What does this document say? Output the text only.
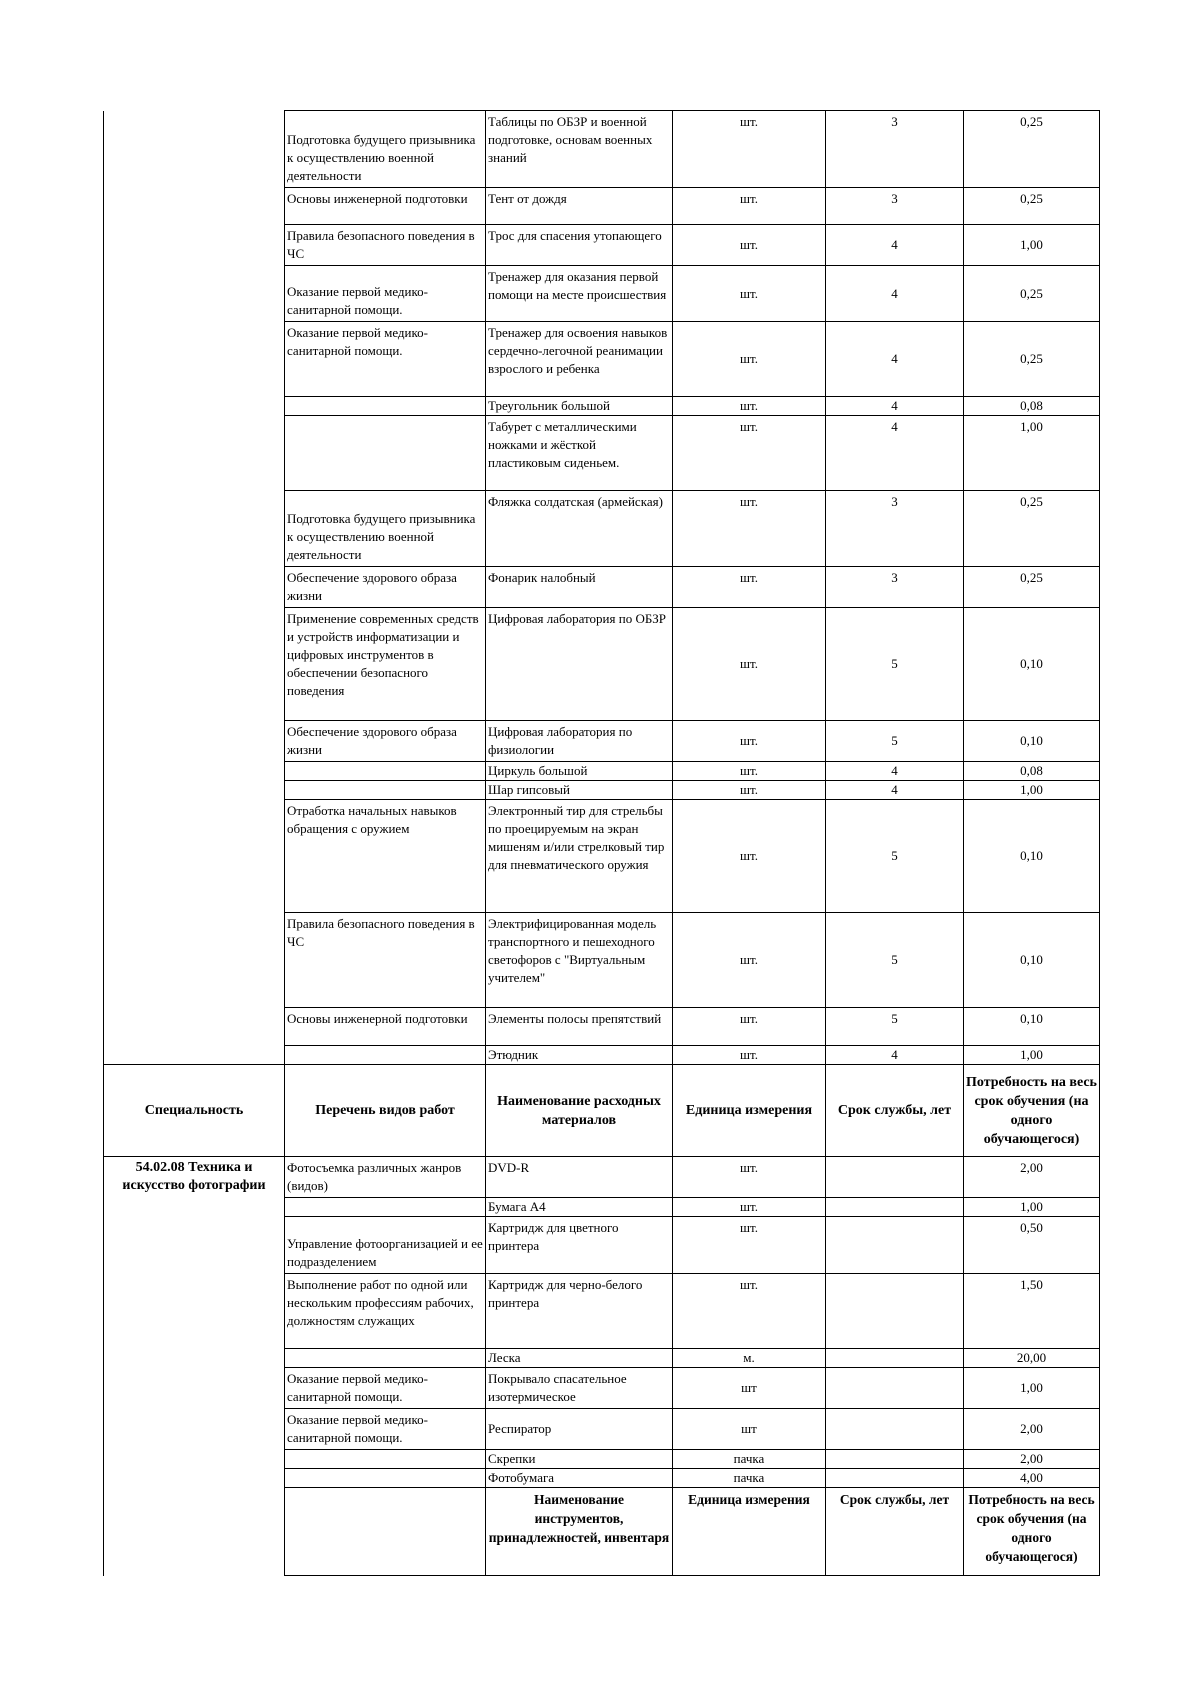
	Подготовка будущего призывника к осуществлению военной деятельности	Таблицы по ОБЗР и военной подготовке, основам военных знаний	шт.	3	0,25
	Основы инженерной подготовки	Тент от дождя	шт.	3	0,25
	Правила безопасного поведения в ЧС	Трос для спасения утопающего	шт.	4	1,00
	Оказание первой медико-санитарной помощи.	Тренажер для оказания первой помощи на месте происшествия	шт.	4	0,25
	Оказание первой медико-санитарной помощи.	Тренажер для освоения навыков сердечно-легочной реанимации взрослого и ребенка	шт.	4	0,25
		Треугольник большой	шт.	4	0,08
		Табурет с металлическими ножками и жёсткой пластиковым сиденьем.	шт.	4	1,00
	Подготовка будущего призывника к осуществлению военной деятельности	Фляжка солдатская (армейская)	шт.	3	0,25
	Обеспечение здорового образа жизни	Фонарик налобный	шт.	3	0,25
	Применение современных средств и устройств информатизации и цифровых инструментов в обеспечении безопасного поведения	Цифровая лаборатория по ОБЗР	шт.	5	0,10
	Обеспечение здорового образа жизни	Цифровая лаборатория по физиологии	шт.	5	0,10
		Циркуль большой	шт.	4	0,08
		Шар гипсовый	шт.	4	1,00
	Отработка начальных навыков обращения с оружием	Электронный тир для стрельбы по проецируемым на экран мишеням и/или стрелковый тир для пневматического оружия	шт.	5	0,10
	Правила безопасного поведения в ЧС	Электрифицированная модель транспортного и пешеходного светофоров с "Виртуальным учителем"	шт.	5	0,10
	Основы инженерной подготовки	Элементы полосы препятствий	шт.	5	0,10
		Этюдник	шт.	4	1,00
Специальность	Перечень видов работ	Наименование расходных материалов	Единица измерения	Срок службы, лет	Потребность на весь срок обучения (на одного обучающегося)
54.02.08 Техника и искусство фотографии	Фотосъемка различных жанров (видов)	DVD-R	шт.		2,00
		Бумага А4	шт.		1,00
	Управление фотоорганизацией и ее подразделением	Картридж для цветного принтера	шт.		0,50
	Выполнение работ по одной или нескольким профессиям рабочих, должностям служащих	Картридж для черно-белого принтера	шт.		1,50
		Леска	м.		20,00
	Оказание первой медико-санитарной помощи.	Покрывало спасательное изотермическое	шт		1,00
	Оказание первой медико-санитарной помощи.	Респиратор	шт		2,00
		Скрепки	пачка		2,00
		Фотобумага	пачка		4,00
		Наименование инструментов, принадлежностей, инвентаря	Единица измерения	Срок службы, лет	Потребность на весь срок обучения (на одного обучающегося)
